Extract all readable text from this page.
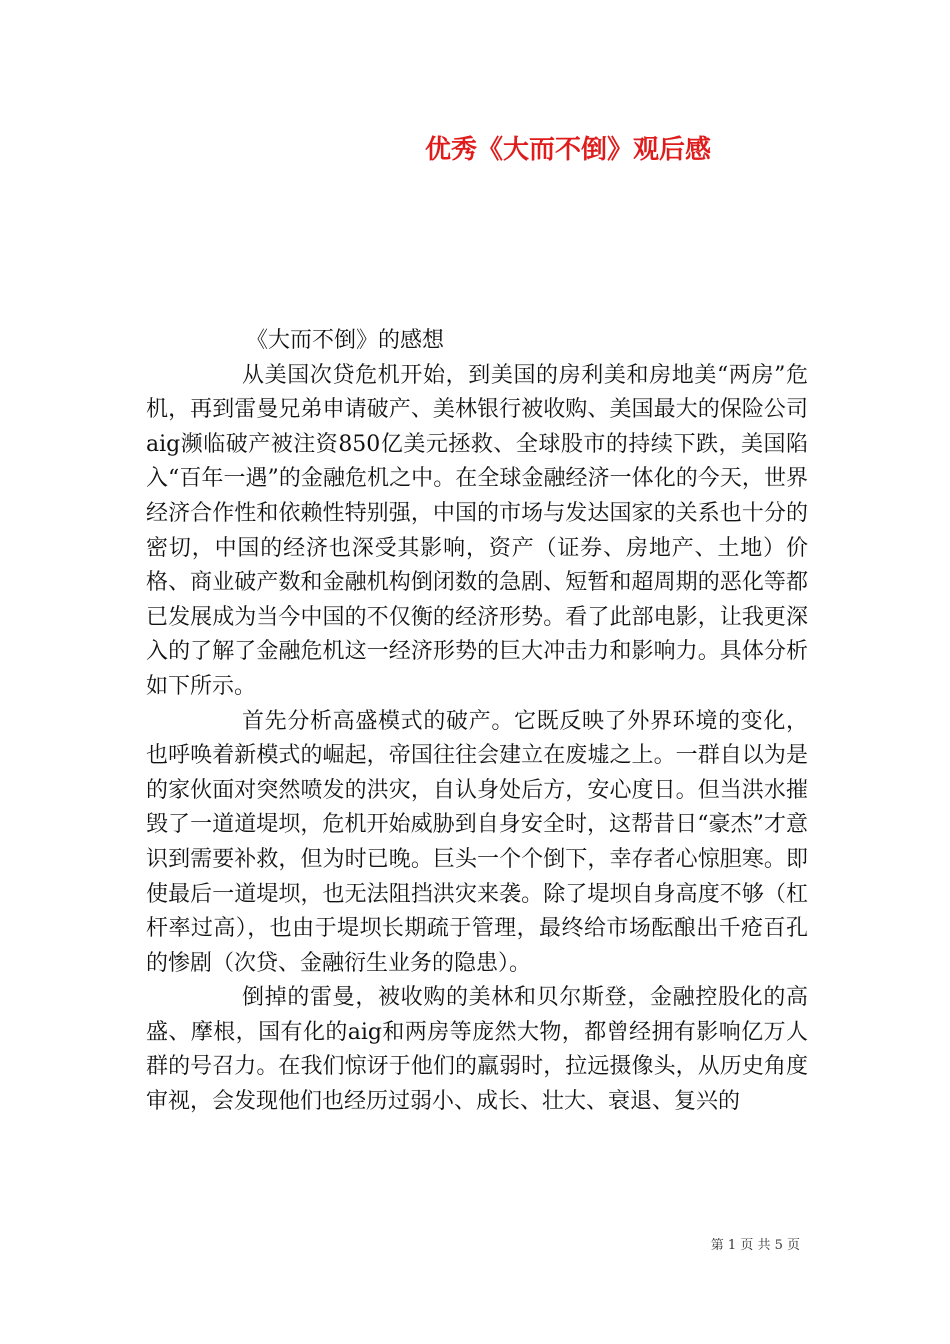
优秀《大而不倒》观后感

《大而不倒》的感想

从美国次贷危机开始，到美国的房利美和房地美“两房”危机，再到雷曼兄弟申请破产、美林银行被收购、美国最大的保险公司aig濒临破产被注资850亿美元拯救、全球股市的持续下跌，美国陷入“百年一遇”的金融危机之中。在全球金融经济一体化的今天，世界经济合作性和依赖性特别强，中国的市场与发达国家的关系也十分的密切，中国的经济也深受其影响，资产（证券、房地产、土地）价格、商业破产数和金融机构倒闭数的急剧、短暂和超周期的恶化等都已发展成为当今中国的不仅衡的经济形势。看了此部电影，让我更深入的了解了金融危机这一经济形势的巨大冲击力和影响力。具体分析如下所示。

首先分析高盛模式的破产。它既反映了外界环境的变化，也呼唤着新模式的崛起，帝国往往会建立在废墟之上。一群自以为是的家伙面对突然喷发的洪灾，自认身处后方，安心度日。但当洪水摧毁了一道道堤坝，危机开始威胁到自身安全时，这帮昔日“豪杰”才意识到需要补救，但为时已晚。巨头一个个倒下，幸存者心惊胆寒。即使最后一道堤坝，也无法阻挡洪灾来袭。除了堤坝自身高度不够（杠杆率过高），也由于堤坝长期疏于管理，最终给市场酝酿出千疮百孔的惨剧（次贷、金融衍生业务的隐患）。

倒掉的雷曼，被收购的美林和贝尔斯登，金融控股化的高盛、摩根，国有化的aig和两房等庞然大物，都曾经拥有影响亿万人群的号召力。在我们惊讶于他们的羸弱时，拉远摄像头，从历史角度审视，会发现他们也经历过弱小、成长、壮大、衰退、复兴的

第 1 页 共 5 页
